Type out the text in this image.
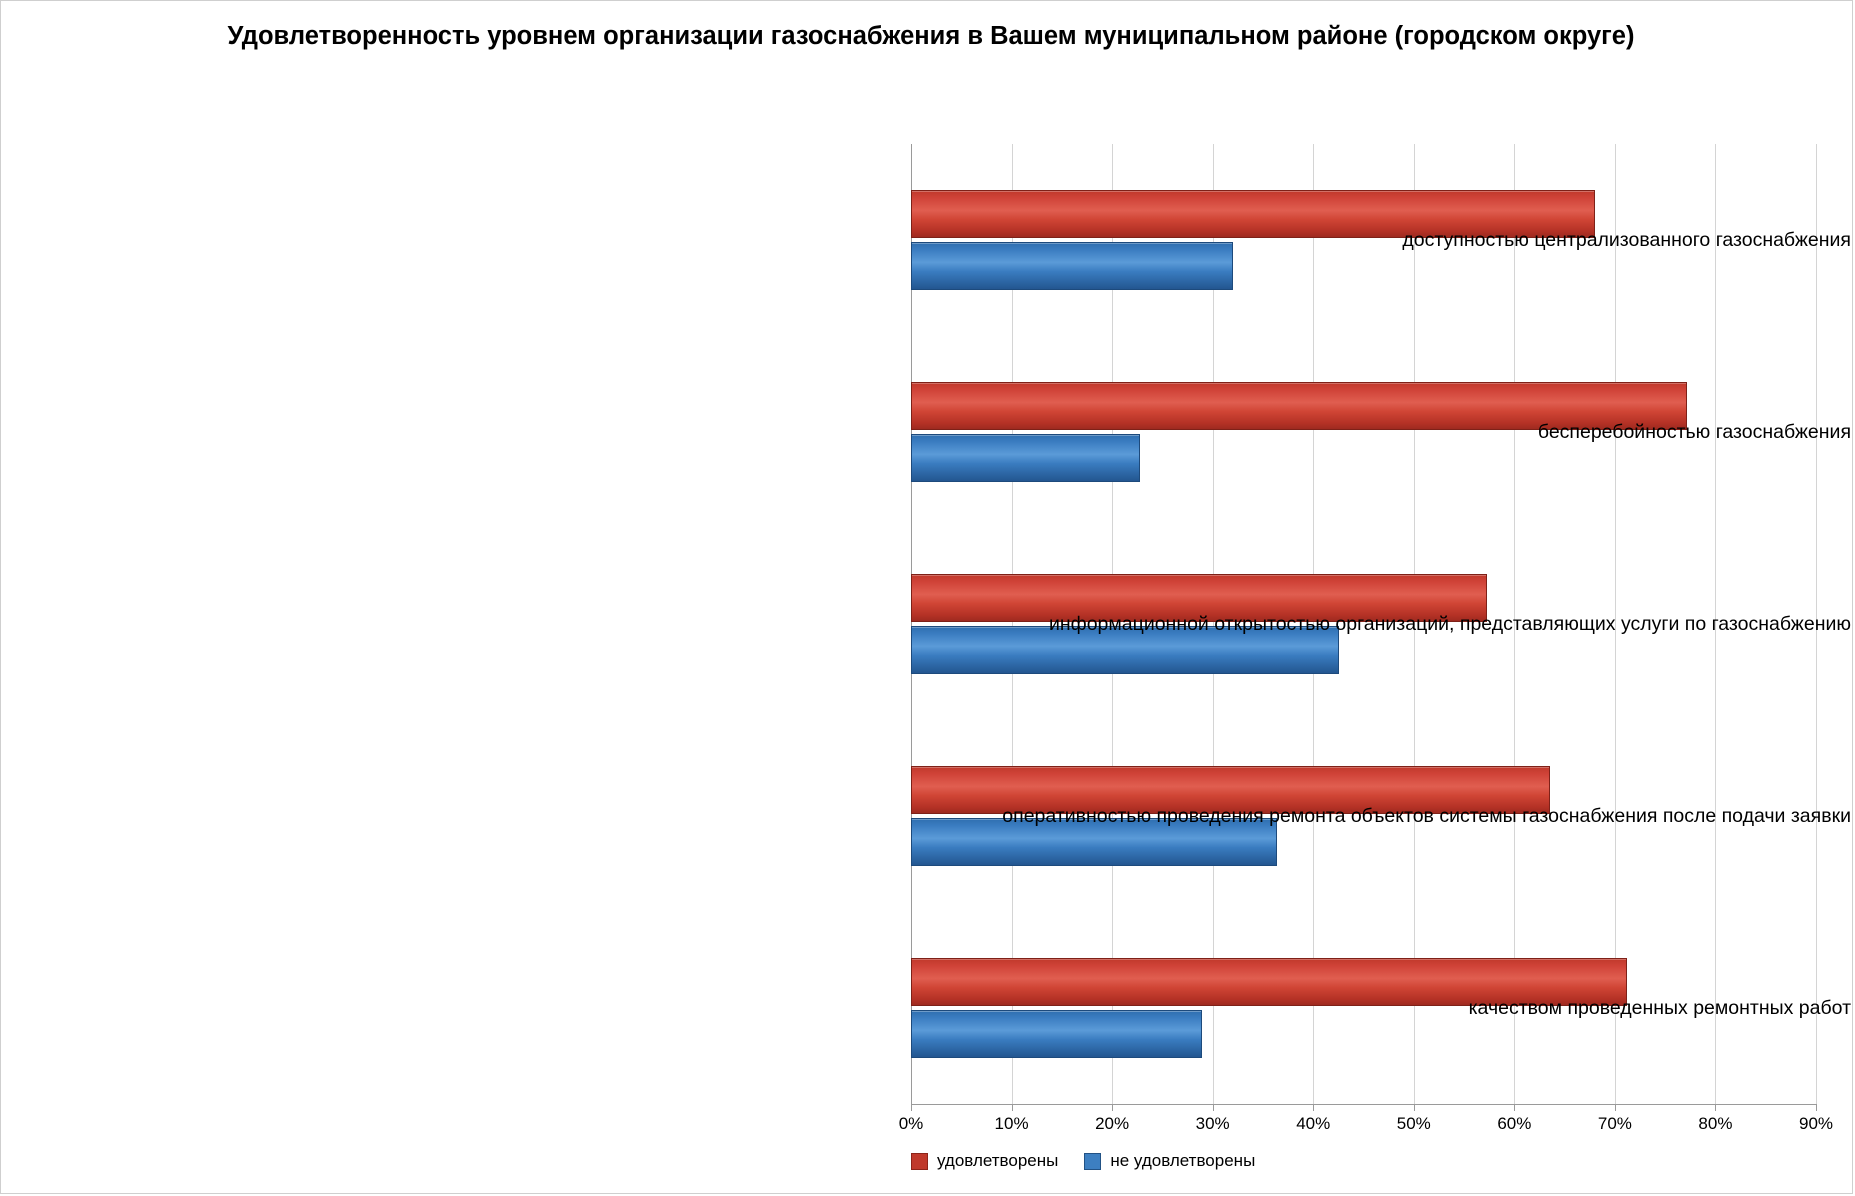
Удовлетворенность уровнем организации газоснабжения в Вашем муниципальном районе (городском округе)
удовлетворены	не удовлетворены
0%	10%	20%	30%	40%	50%	60%	70%	80%	90%
доступностью централизованного газоснабжения
бесперебойностью газоснабжения
информационной открытостью организаций, представляющих услуги по газоснабжению
оперативностью проведения ремонта объектов системы газоснабжения после подачи заявки
качеством проведенных ремонтных работ
